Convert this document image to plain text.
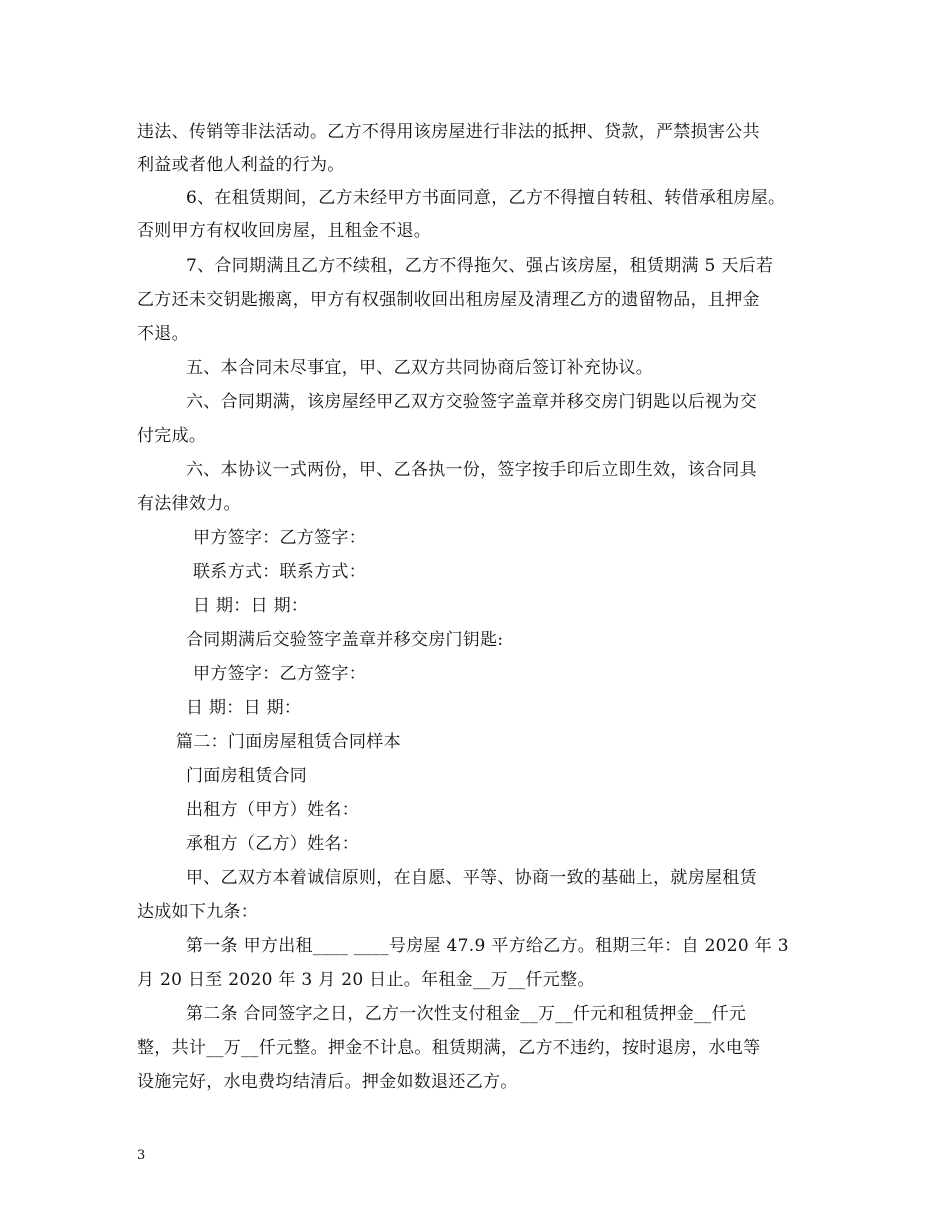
违法、传销等非法活动。乙方不得用该房屋进行非法的抵押、贷款，严禁损害公共
利益或者他人利益的行为。
6、在租赁期间，乙方未经甲方书面同意，乙方不得擅自转租、转借承租房屋。
否则甲方有权收回房屋，且租金不退。
7、合同期满且乙方不续租，乙方不得拖欠、强占该房屋，租赁期满 5 天后若
乙方还未交钥匙搬离，甲方有权强制收回出租房屋及清理乙方的遗留物品，且押金
不退。
五、本合同未尽事宜，甲、乙双方共同协商后签订补充协议。
六、合同期满，该房屋经甲乙双方交验签字盖章并移交房门钥匙以后视为交
付完成。
六、本协议一式两份，甲、乙各执一份，签字按手印后立即生效，该合同具
有法律效力。
甲方签字：乙方签字：
联系方式：联系方式：
日 期：日 期：
合同期满后交验签字盖章并移交房门钥匙:
甲方签字：乙方签字：
日 期：日 期：
篇二：门面房屋租赁合同样本
门面房租赁合同
出租方（甲方）姓名：
承租方（乙方）姓名：
甲、乙双方本着诚信原则，在自愿、平等、协商一致的基础上，就房屋租赁
达成如下九条：
第一条 甲方出租____ ____号房屋 47.9 平方给乙方。租期三年：自 2020 年 3
月 20 日至 2020 年 3 月 20 日止。年租金__万__仟元整。
第二条 合同签字之日，乙方一次性支付租金__万__仟元和租赁押金__仟元
整，共计__万__仟元整。押金不计息。租赁期满，乙方不违约，按时退房，水电等
设施完好，水电费均结清后。押金如数退还乙方。
3
